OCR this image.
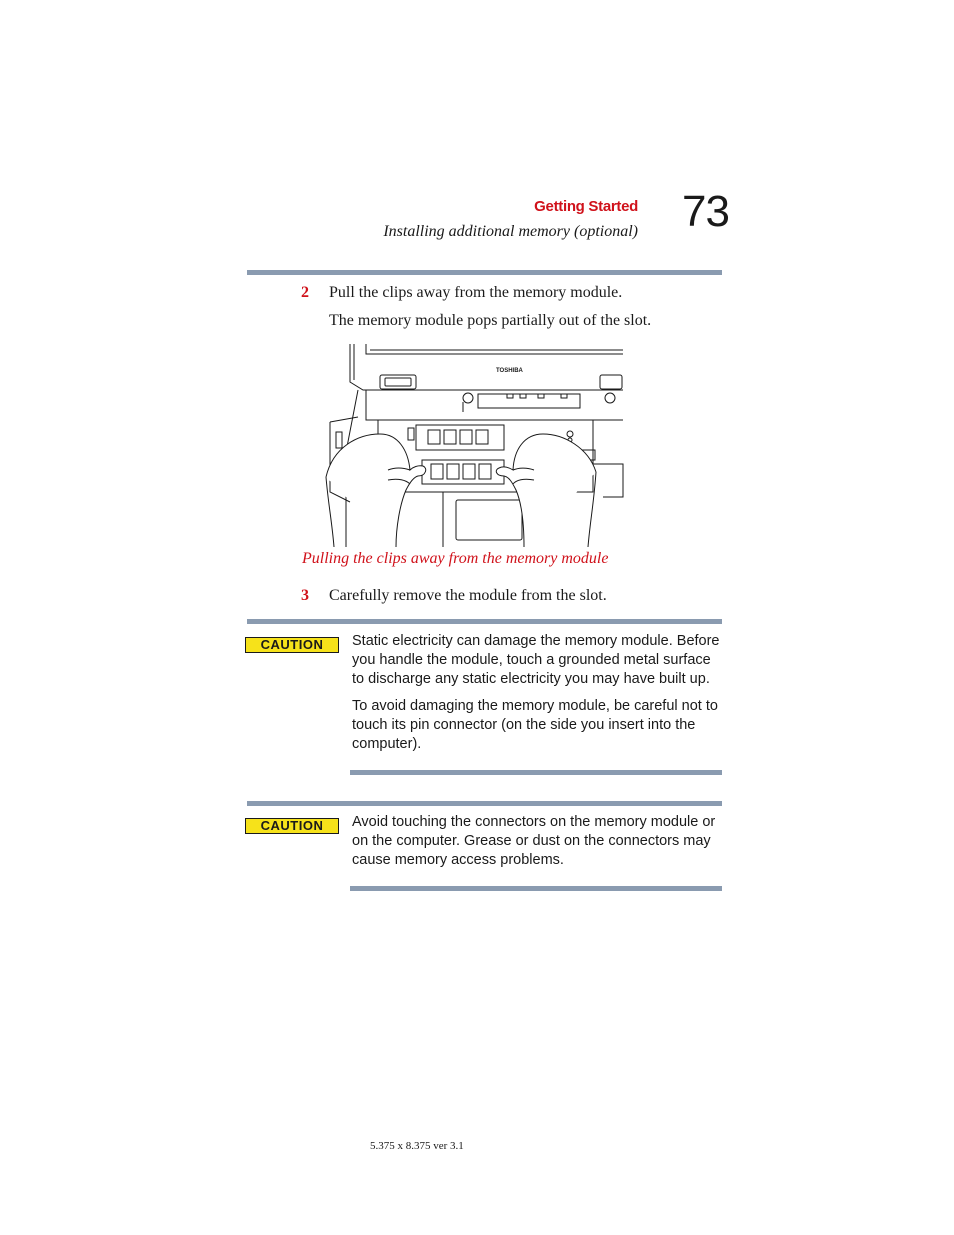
Getting Started
Installing additional memory (optional) 73
2 Pull the clips away from the memory module.
The memory module pops partially out of the slot.
TOSHIBA
Pulling the clips away from the memory module
3 Carefully remove the module from the slot.
CAUTION	Static electricity can damage the memory module. Before you handle the module, touch a grounded metal surface to discharge any static electricity you may have built up.
To avoid damaging the memory module, be careful not to touch its pin connector (on the side you insert into the computer).
CAUTION	Avoid touching the connectors on the memory module or on the computer. Grease or dust on the connectors may cause memory access problems.
5.375 x 8.375 ver 3.1
